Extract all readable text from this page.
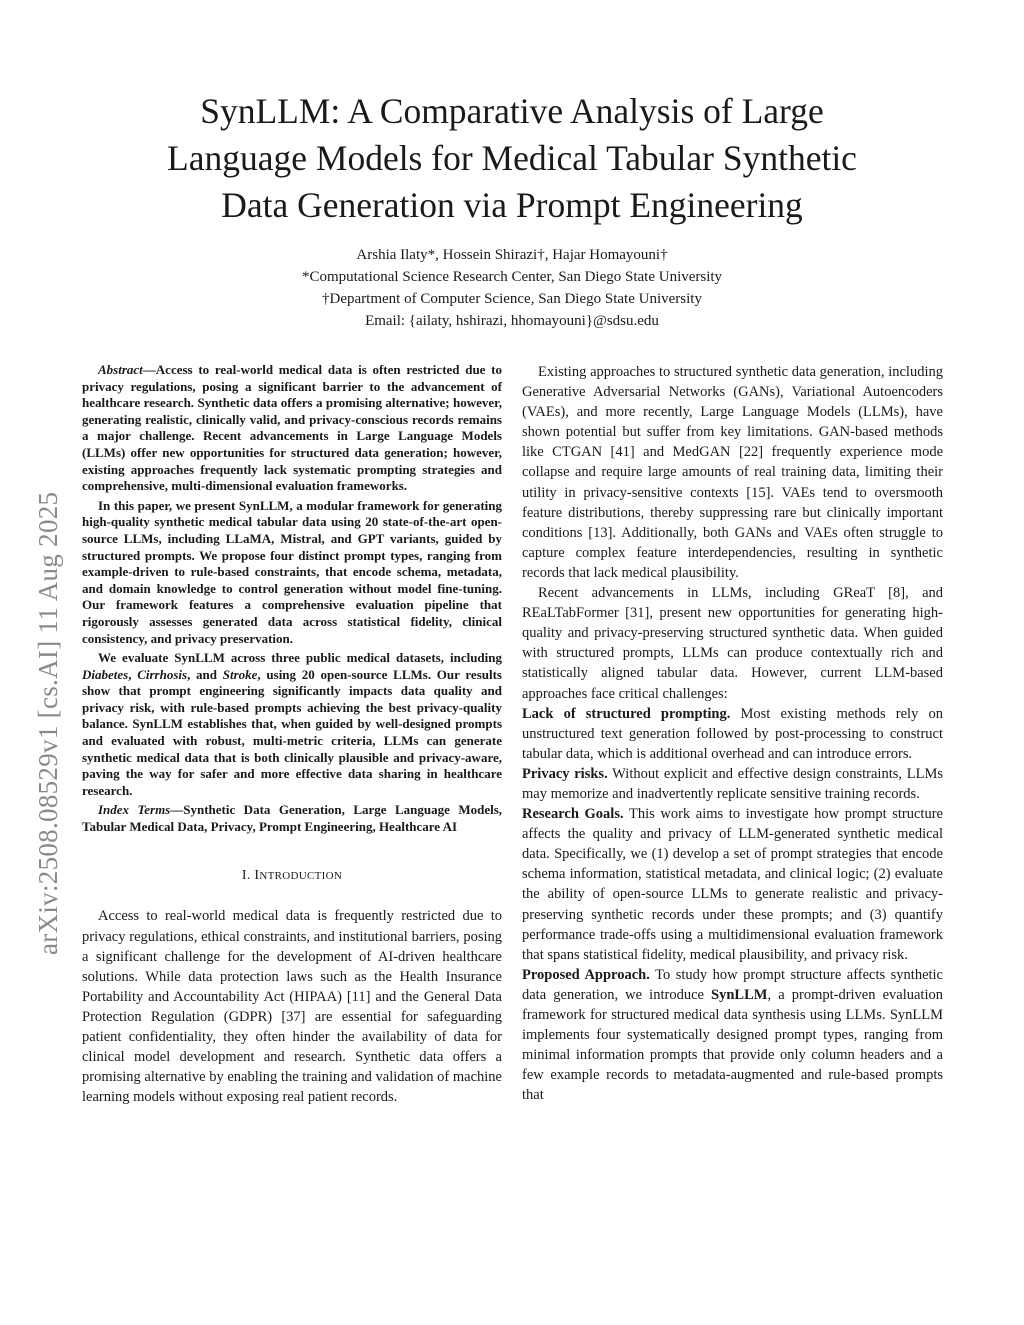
SynLLM: A Comparative Analysis of Large
Language Models for Medical Tabular Synthetic
Data Generation via Prompt Engineering
Arshia Ilaty*, Hossein Shirazi†, Hajar Homayouni†
*Computational Science Research Center, San Diego State University
†Department of Computer Science, San Diego State University
Email: {ailaty, hshirazi, hhomayouni}@sdsu.edu
arXiv:2508.08529v1 [cs.AI] 11 Aug 2025

Abstract—Access to real-world medical data is often restricted due to privacy regulations, posing a significant barrier to the advancement of healthcare research. Synthetic data offers a promising alternative; however, generating realistic, clinically valid, and privacy-conscious records remains a major challenge. Recent advancements in Large Language Models (LLMs) offer new opportunities for structured data generation; however, existing approaches frequently lack systematic prompting strategies and comprehensive, multi-dimensional evaluation frameworks.

In this paper, we present SynLLM, a modular framework for generating high-quality synthetic medical tabular data using 20 state-of-the-art open-source LLMs, including LLaMA, Mistral, and GPT variants, guided by structured prompts. We propose four distinct prompt types, ranging from example-driven to rule-based constraints, that encode schema, metadata, and domain knowledge to control generation without model fine-tuning. Our framework features a comprehensive evaluation pipeline that rigorously assesses generated data across statistical fidelity, clinical consistency, and privacy preservation.

We evaluate SynLLM across three public medical datasets, including Diabetes, Cirrhosis, and Stroke, using 20 open-source LLMs. Our results show that prompt engineering significantly impacts data quality and privacy risk, with rule-based prompts achieving the best privacy-quality balance. SynLLM establishes that, when guided by well-designed prompts and evaluated with robust, multi-metric criteria, LLMs can generate synthetic medical data that is both clinically plausible and privacy-aware, paving the way for safer and more effective data sharing in healthcare research.

Index Terms—Synthetic Data Generation, Large Language Models, Tabular Medical Data, Privacy, Prompt Engineering, Healthcare AI

I. INTRODUCTION

Access to real-world medical data is frequently restricted due to privacy regulations, ethical constraints, and institutional barriers, posing a significant challenge for the development of AI-driven healthcare solutions. While data protection laws such as the Health Insurance Portability and Accountability Act (HIPAA) [11] and the General Data Protection Regulation (GDPR) [37] are essential for safeguarding patient confidentiality, they often hinder the availability of data for clinical model development and research. Synthetic data offers a promising alternative by enabling the training and validation of machine learning models without exposing real patient records.

Existing approaches to structured synthetic data generation, including Generative Adversarial Networks (GANs), Variational Autoencoders (VAEs), and more recently, Large Language Models (LLMs), have shown potential but suffer from key limitations. GAN-based methods like CTGAN [41] and MedGAN [22] frequently experience mode collapse and require large amounts of real training data, limiting their utility in privacy-sensitive contexts [15]. VAEs tend to oversmooth feature distributions, thereby suppressing rare but clinically important conditions [13]. Additionally, both GANs and VAEs often struggle to capture complex feature interdependencies, resulting in synthetic records that lack medical plausibility.

Recent advancements in LLMs, including GReaT [8], and REaLTabFormer [31], present new opportunities for generating high-quality and privacy-preserving structured synthetic data. When guided with structured prompts, LLMs can produce contextually rich and statistically aligned tabular data. However, current LLM-based approaches face critical challenges:

Lack of structured prompting. Most existing methods rely on unstructured text generation followed by post-processing to construct tabular data, which is additional overhead and can introduce errors.

Privacy risks. Without explicit and effective design constraints, LLMs may memorize and inadvertently replicate sensitive training records.

Research Goals. This work aims to investigate how prompt structure affects the quality and privacy of LLM-generated synthetic medical data. Specifically, we (1) develop a set of prompt strategies that encode schema information, statistical metadata, and clinical logic; (2) evaluate the ability of open-source LLMs to generate realistic and privacy-preserving synthetic records under these prompts; and (3) quantify performance trade-offs using a multidimensional evaluation framework that spans statistical fidelity, medical plausibility, and privacy risk.

Proposed Approach. To study how prompt structure affects synthetic data generation, we introduce SynLLM, a prompt-driven evaluation framework for structured medical data synthesis using LLMs. SynLLM implements four systematically designed prompt types, ranging from minimal information prompts that provide only column headers and a few example records to metadata-augmented and rule-based prompts that
